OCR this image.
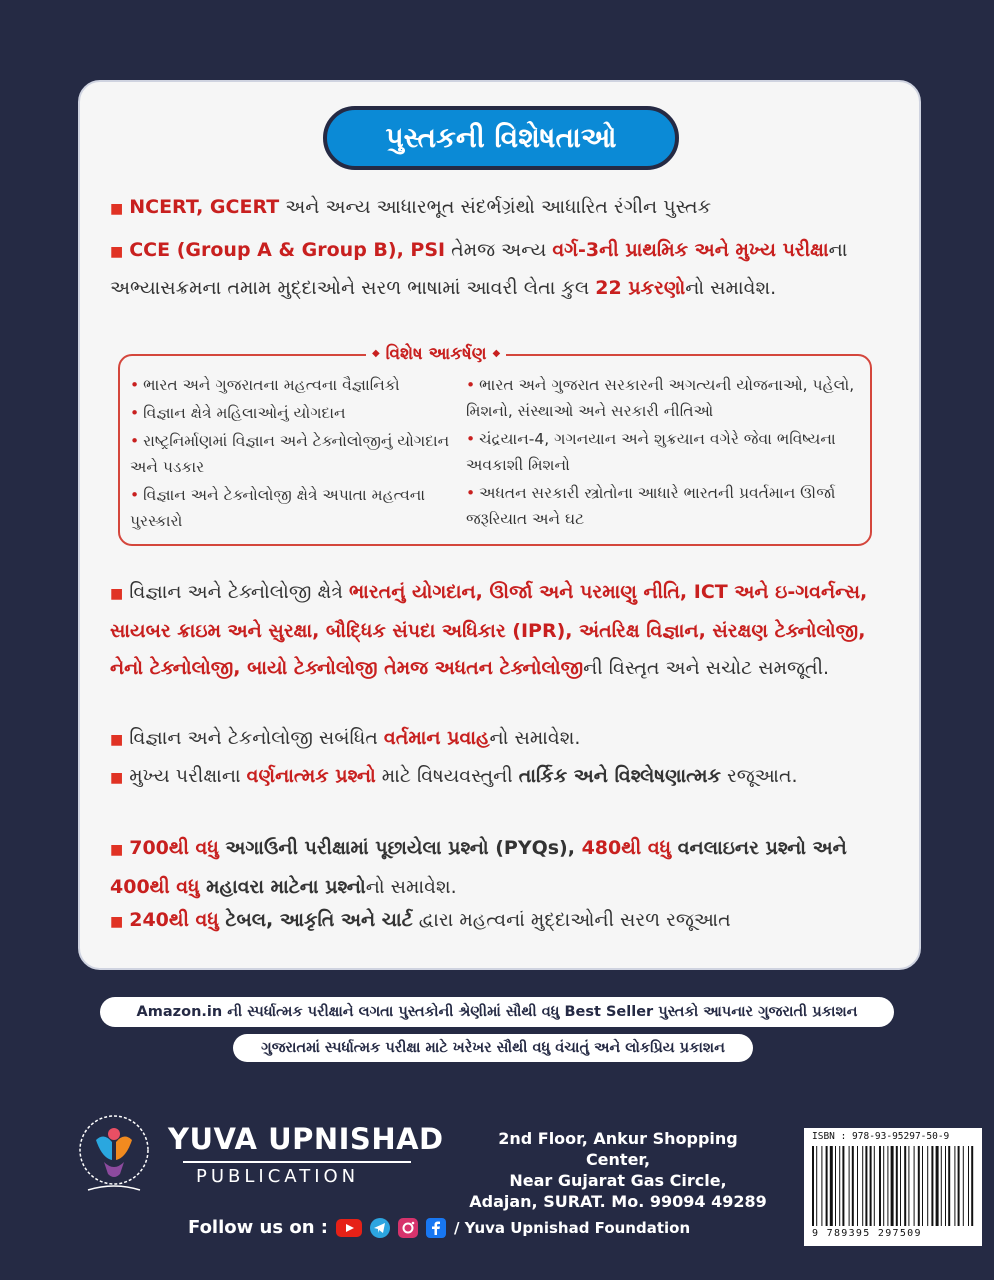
પુસ્તકની વિશેષતાઓ
■ NCERT, GCERT અને અન્ય આધારભૂત સંદર્ભગ્રંથો આધારિત રંગીન પુસ્તક
■ CCE (Group A & Group B), PSI તેમજ અન્ય વર્ગ-3ની પ્રાથમિક અને મુખ્ય પરીક્ષાના
અભ્યાસક્રમના તમામ મુદ્દાઓને સરળ ભાષામાં આવરી લેતા કુલ 22 પ્રકરણોનો સમાવેશ.
◆ વિશેષ આકર્ષણ ◆
• ભારત અને ગુજરાતના મહત્વના વૈજ્ઞાનિકો
• વિજ્ઞાન ક્ષેત્રે મહિલાઓનું યોગદાન
• રાષ્ટ્રનિર્માણમાં વિજ્ઞાન અને ટેક્નોલોજીનું યોગદાન અને પડકાર
• વિજ્ઞાન અને ટેક્નોલોજી ક્ષેત્રે અપાતા મહત્વના પુરસ્કારો
• ભારત અને ગુજરાત સરકારની અગત્યની યોજનાઓ, પહેલો, મિશનો, સંસ્થાઓ અને સરકારી નીતિઓ
• ચંદ્રયાન-4, ગગનયાન અને શુક્રયાન વગેરે જેવા ભવિષ્યના અવકાશી મિશનો
• અધતન સરકારી સ્ત્રોતોના આધારે ભારતની પ્રવર્તમાન ઊર્જા જરૂરિયાત અને ઘટ
■ વિજ્ઞાન અને ટેક્નોલોજી ક્ષેત્રે ભારતનું યોગદાન, ઊર્જા અને પરમાણુ નીતિ, ICT અને ઇ-ગવર્નન્સ, સાયબર ક્રાઇમ અને સુરક્ષા, બૌદ્ધિક સંપદા અધિકાર (IPR), અંતરિક્ષ વિજ્ઞાન, સંરક્ષણ ટેક્નોલોજી, નેનો ટેક્નોલોજી, બાયો ટેક્નોલોજી તેમજ અધતન ટેક્નોલોજીની વિસ્તૃત અને સચોટ સમજૂતી.
■ વિજ્ઞાન અને ટેકનોલોજી સબંધિત વર્તમાન પ્રવાહનો સમાવેશ.
■ મુખ્ય પરીક્ષાના વર્ણનાત્મક પ્રશ્નો માટે વિષયવસ્તુની તાર્કિક અને વિશ્લેષણાત્મક રજૂઆત.
■ 700થી વધુ અગાઉની પરીક્ષામાં પૂછાયેલા પ્રશ્નો (PYQs), 480થી વધુ વનલાઇનર પ્રશ્નો અને 400થી વધુ મહાવરા માટેના પ્રશ્નોનો સમાવેશ.
■ 240થી વધુ ટેબલ, આકૃતિ અને ચાર્ટ દ્વારા મહત્વનાં મુદ્દાઓની સરળ રજૂઆત
Amazon.in ની સ્પર્ધાત્મક પરીક્ષાને લગતા પુસ્તકોની શ્રેણીમાં સૌથી વધુ Best Seller પુસ્તકો આપનાર ગુજરાતી પ્રકાશન
ગુજરાતમાં સ્પર્ધાત્મક પરીક્ષા માટે ખરેખર સૌથી વધુ વંચાતું અને લોકપ્રિય પ્રકાશન
YUVA UPNISHAD
PUBLICATION
2nd Floor, Ankur Shopping Center,
Near Gujarat Gas Circle,
Adajan, SURAT. Mo. 99094 49289
ISBN : 978-93-95297-50-9
9 789395 297509
Follow us on :	/ Yuva Upnishad Foundation
